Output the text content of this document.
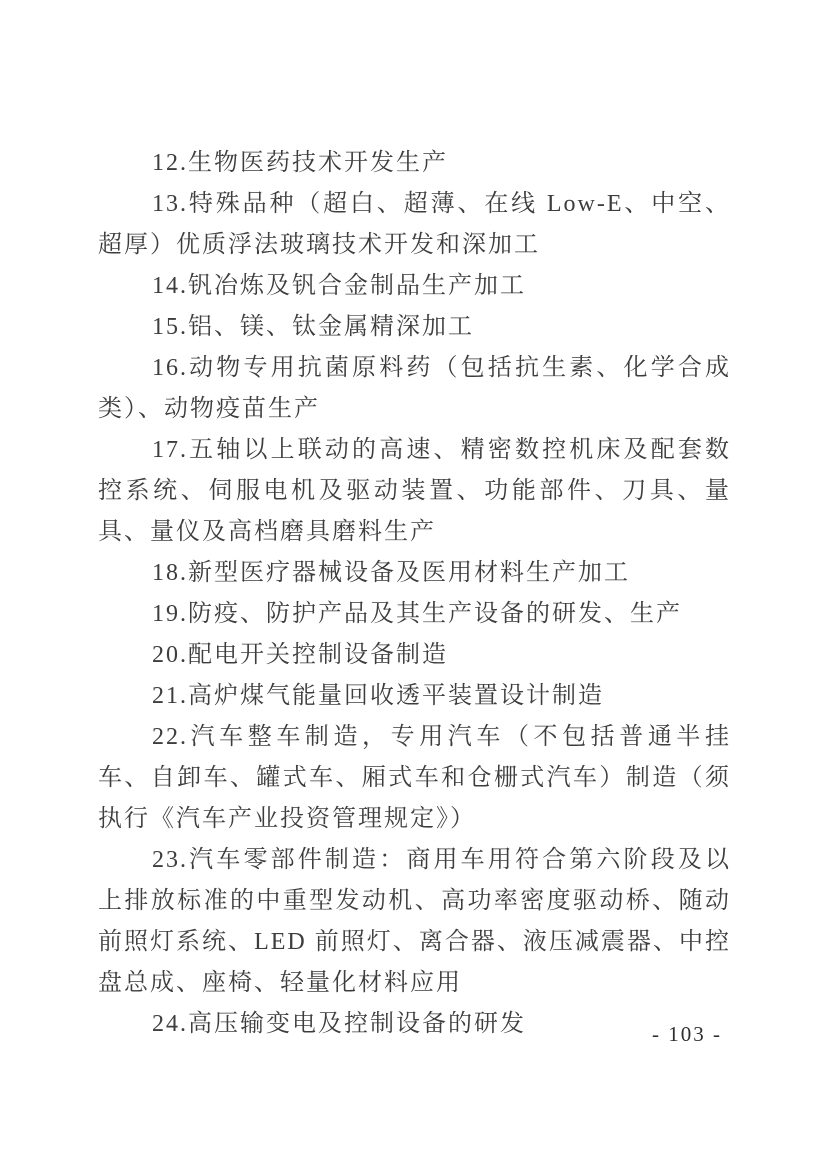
12.生物医药技术开发生产

13.特殊品种（超白、超薄、在线 Low-E、中空、超厚）优质浮法玻璃技术开发和深加工

14.钒冶炼及钒合金制品生产加工

15.铝、镁、钛金属精深加工

16.动物专用抗菌原料药（包括抗生素、化学合成类）、动物疫苗生产

17.五轴以上联动的高速、精密数控机床及配套数控系统、伺服电机及驱动装置、功能部件、刀具、量具、量仪及高档磨具磨料生产

18.新型医疗器械设备及医用材料生产加工

19.防疫、防护产品及其生产设备的研发、生产

20.配电开关控制设备制造

21.高炉煤气能量回收透平装置设计制造

22.汽车整车制造，专用汽车（不包括普通半挂车、自卸车、罐式车、厢式车和仓栅式汽车）制造（须执行《汽车产业投资管理规定》）

23.汽车零部件制造：商用车用符合第六阶段及以上排放标准的中重型发动机、高功率密度驱动桥、随动前照灯系统、LED 前照灯、离合器、液压减震器、中控盘总成、座椅、轻量化材料应用

24.高压输变电及控制设备的研发	- 103 -
